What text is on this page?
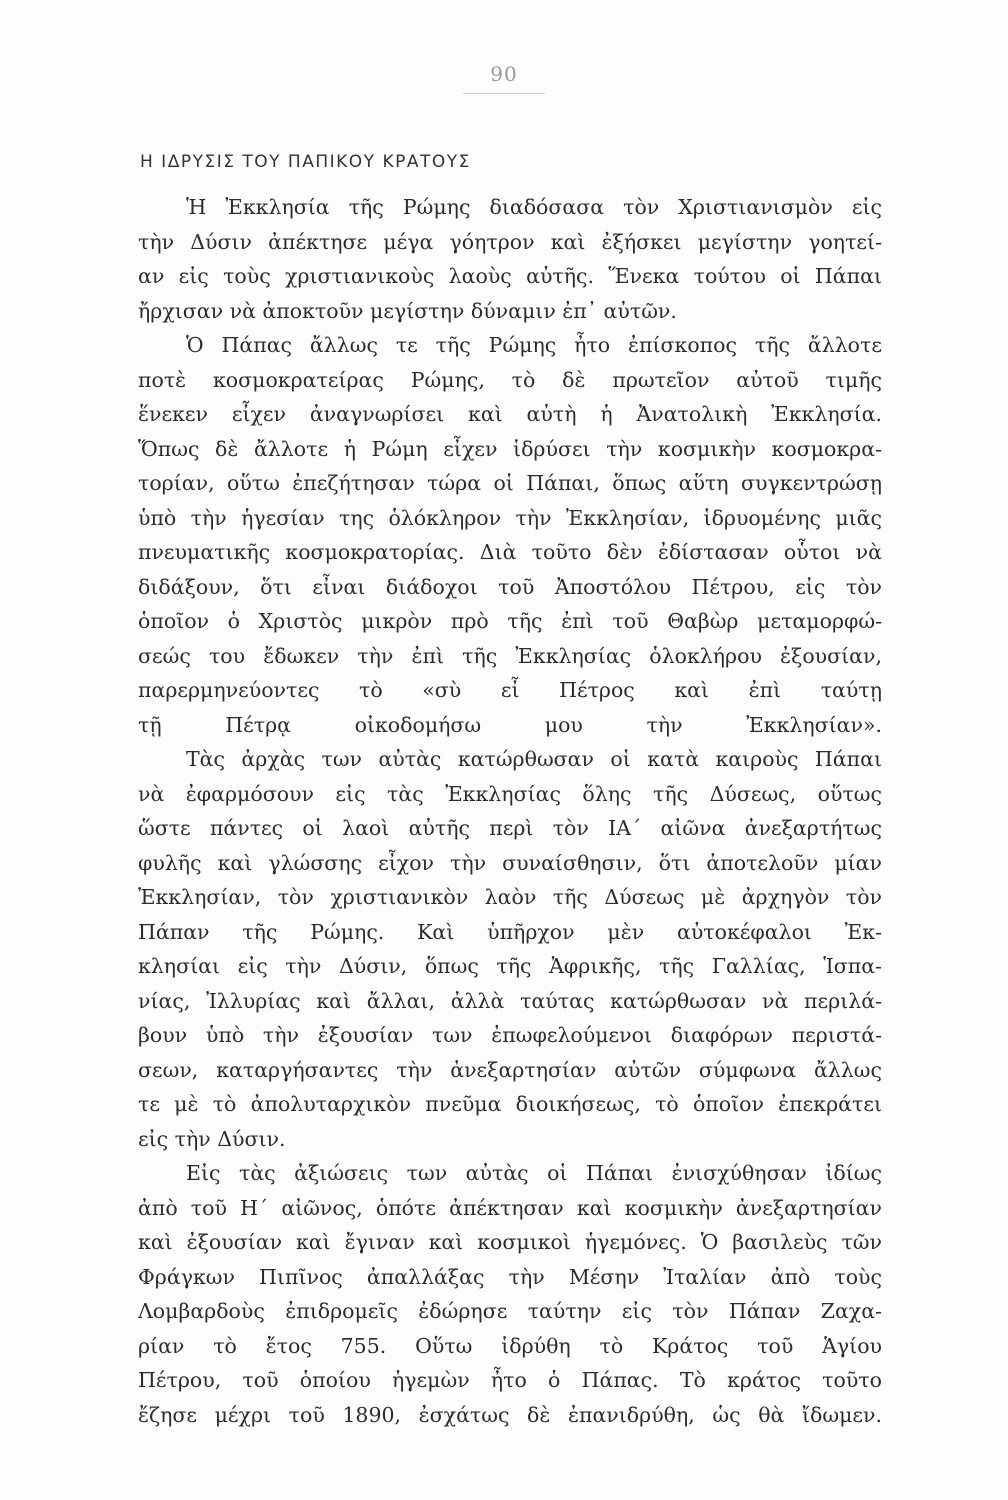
90
Η ΙΔΡΥΣΙΣ ΤΟΥ ΠΑΠΙΚΟΥ ΚΡΑΤΟΥΣ
Ἡ Ἐκκλησία τῆς Ρώμης διαδόσασα τὸν Χριστιανισμὸν εἰς
τὴν Δύσιν ἀπέκτησε μέγα γόητρον καὶ ἐξήσκει μεγίστην γοητεί-
αν εἰς τοὺς χριστιανικοὺς λαοὺς αὐτῆς. Ἕνεκα τούτου οἱ Πάπαι
ἤρχισαν νὰ ἀποκτοῦν μεγίστην δύναμιν ἐπ᾽ αὐτῶν.
Ὁ Πάπας ἄλλως τε τῆς Ρώμης ἦτο ἐπίσκοπος τῆς ἄλλοτε
ποτὲ κοσμοκρατείρας Ρώμης, τὸ δὲ πρωτεῖον αὐτοῦ τιμῆς
ἕνεκεν εἶχεν ἀναγνωρίσει καὶ αὐτὴ ἡ Ἀνατολικὴ Ἐκκλησία.
Ὅπως δὲ ἄλλοτε ἡ Ρώμη εἶχεν ἱδρύσει τὴν κοσμικὴν κοσμοκρα-
τορίαν, οὕτω ἐπεζήτησαν τώρα οἱ Πάπαι, ὅπως αὕτη συγκεντρώσῃ
ὑπὸ τὴν ἡγεσίαν της ὁλόκληρον τὴν Ἐκκλησίαν, ἱδρυομένης μιᾶς
πνευματικῆς κοσμοκρατορίας. Διὰ τοῦτο δὲν ἐδίστασαν οὗτοι νὰ
διδάξουν, ὅτι εἶναι διάδοχοι τοῦ Ἀποστόλου Πέτρου, εἰς τὸν
ὁποῖον ὁ Χριστὸς μικρὸν πρὸ τῆς ἐπὶ τοῦ Θαβὼρ μεταμορφώ-
σεώς του ἔδωκεν τὴν ἐπὶ τῆς Ἐκκλησίας ὁλοκλήρου ἐξουσίαν,
παρερμηνεύοντες τὸ «σὺ εἶ Πέτρος καὶ ἐπὶ ταύτῃ
τῇ Πέτρᾳ οἰκοδομήσω μου τὴν Ἐκκλησίαν».
Τὰς ἀρχὰς των αὐτὰς κατώρθωσαν οἱ κατὰ καιροὺς Πάπαι
νὰ ἐφαρμόσουν εἰς τὰς Ἐκκλησίας ὅλης τῆς Δύσεως, οὕτως
ὥστε πάντες οἱ λαοὶ αὐτῆς περὶ τὸν ΙΑ΄ αἰῶνα ἀνεξαρτήτως
φυλῆς καὶ γλώσσης εἶχον τὴν συναίσθησιν, ὅτι ἀποτελοῦν μίαν
Ἐκκλησίαν, τὸν χριστιανικὸν λαὸν τῆς Δύσεως μὲ ἀρχηγὸν τὸν
Πάπαν τῆς Ρώμης. Καὶ ὑπῆρχον μὲν αὐτοκέφαλοι Ἐκ-
κλησίαι εἰς τὴν Δύσιν, ὅπως τῆς Ἀφρικῆς, τῆς Γαλλίας, Ἱσπα-
νίας, Ἰλλυρίας καὶ ἄλλαι, ἀλλὰ ταύτας κατώρθωσαν νὰ περιλά-
βουν ὑπὸ τὴν ἐξουσίαν των ἐπωφελούμενοι διαφόρων περιστά-
σεων, καταργήσαντες τὴν ἀνεξαρτησίαν αὐτῶν σύμφωνα ἄλλως
τε μὲ τὸ ἀπολυταρχικὸν πνεῦμα διοικήσεως, τὸ ὁποῖον ἐπεκράτει
εἰς τὴν Δύσιν.
Εἰς τὰς ἀξιώσεις των αὐτὰς οἱ Πάπαι ἐνισχύθησαν ἰδίως
ἀπὸ τοῦ Η΄ αἰῶνος, ὁπότε ἀπέκτησαν καὶ κοσμικὴν ἀνεξαρτησίαν
καὶ ἐξουσίαν καὶ ἔγιναν καὶ κοσμικοὶ ἡγεμόνες. Ὁ βασιλεὺς τῶν
Φράγκων Πιπῖνος ἀπαλλάξας τὴν Μέσην Ἰταλίαν ἀπὸ τοὺς
Λομβαρδοὺς ἐπιδρομεῖς ἐδώρησε ταύτην εἰς τὸν Πάπαν Ζαχα-
ρίαν τὸ ἔτος 755. Οὕτω ἱδρύθη τὸ Κράτος τοῦ Ἁγίου
Πέτρου, τοῦ ὁποίου ἡγεμὼν ἦτο ὁ Πάπας. Τὸ κράτος τοῦτο
ἔζησε μέχρι τοῦ 1890, ἐσχάτως δὲ ἐπανιδρύθη, ὡς θὰ ἴδωμεν.
